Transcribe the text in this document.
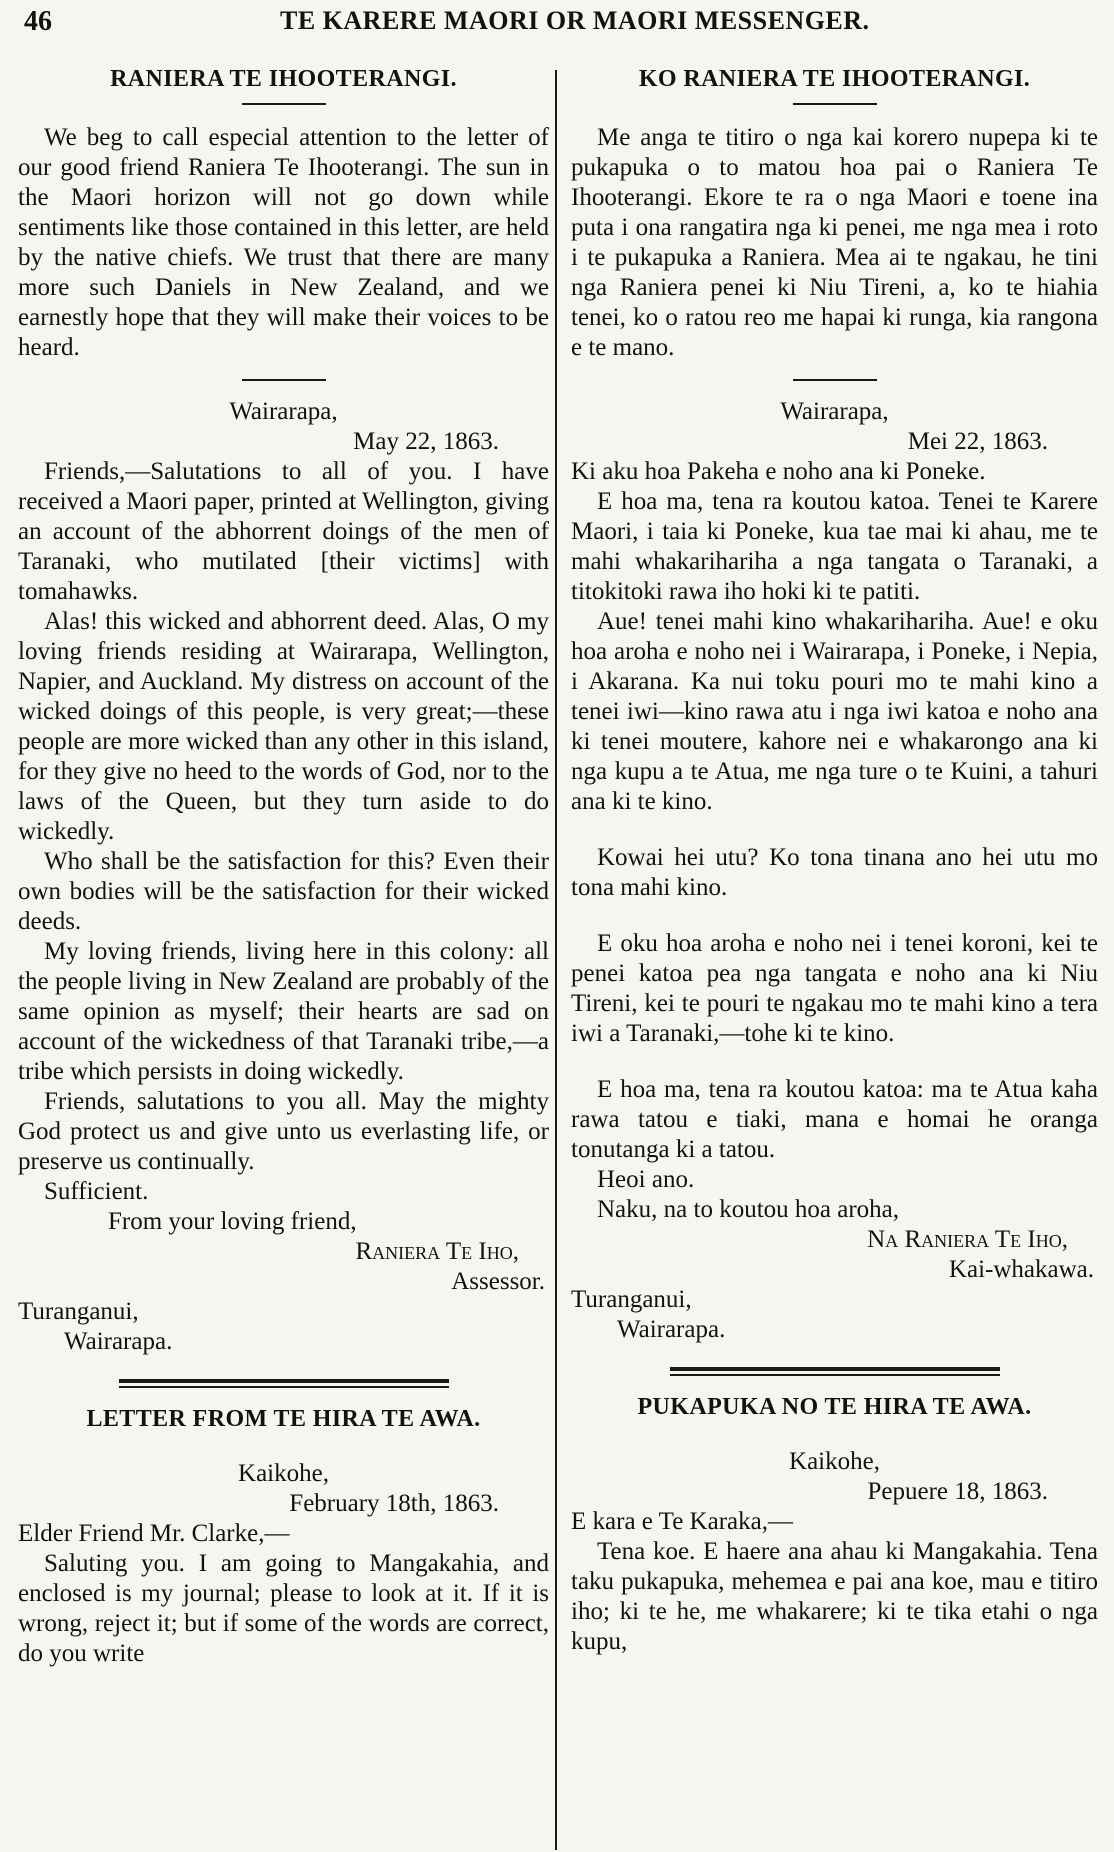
46	TE KARERE MAORI OR MAORI MESSENGER.
RANIERA TE IHOOTERANGI.

We beg to call especial attention to the letter of our good friend Raniera Te Ihooterangi. The sun in the Maori horizon will not go down while sentiments like those contained in this letter, are held by the native chiefs. We trust that there are many more such Daniels in New Zealand, and we earnestly hope that they will make their voices to be heard.

Wairarapa,

May 22, 1863.

Friends,—Salutations to all of you. I have received a Maori paper, printed at Wellington, giving an account of the abhorrent doings of the men of Taranaki, who mutilated [their victims] with tomahawks.

Alas! this wicked and abhorrent deed. Alas, O my loving friends residing at Wairarapa, Wellington, Napier, and Auckland. My distress on account of the wicked doings of this people, is very great;—these people are more wicked than any other in this island, for they give no heed to the words of God, nor to the laws of the Queen, but they turn aside to do wickedly.

Who shall be the satisfaction for this? Even their own bodies will be the satisfaction for their wicked deeds.

My loving friends, living here in this colony: all the people living in New Zealand are probably of the same opinion as myself; their hearts are sad on account of the wickedness of that Taranaki tribe,—a tribe which persists in doing wickedly.

Friends, salutations to you all. May the mighty God protect us and give unto us everlasting life, or preserve us continually.

Sufficient.

From your loving friend,

Raniera Te Iho,

Assessor.

Turanganui,

Wairarapa.

LETTER FROM TE HIRA TE AWA.

Kaikohe,

February 18th, 1863.

Elder Friend Mr. Clarke,—

Saluting you. I am going to Mangakahia, and enclosed is my journal; please to look at it. If it is wrong, reject it; but if some of the words are correct, do you write

KO RANIERA TE IHOOTERANGI.

Me anga te titiro o nga kai korero nupepa ki te pukapuka o to matou hoa pai o Raniera Te Ihooterangi. Ekore te ra o nga Maori e toene ina puta i ona rangatira nga ki penei, me nga mea i roto i te pukapuka a Raniera. Mea ai te ngakau, he tini nga Raniera penei ki Niu Tireni, a, ko te hiahia tenei, ko o ratou reo me hapai ki runga, kia rangona e te mano.

Wairarapa,

Mei 22, 1863.

Ki aku hoa Pakeha e noho ana ki Poneke.

E hoa ma, tena ra koutou katoa. Tenei te Karere Maori, i taia ki Poneke, kua tae mai ki ahau, me te mahi whakarihariha a nga tangata o Taranaki, a titokitoki rawa iho hoki ki te patiti.

Aue! tenei mahi kino whakarihariha. Aue! e oku hoa aroha e noho nei i Wairarapa, i Poneke, i Nepia, i Akarana. Ka nui toku pouri mo te mahi kino a tenei iwi—kino rawa atu i nga iwi katoa e noho ana ki tenei moutere, kahore nei e whakarongo ana ki nga kupu a te Atua, me nga ture o te Kuini, a tahuri ana ki te kino.

Kowai hei utu? Ko tona tinana ano hei utu mo tona mahi kino.

E oku hoa aroha e noho nei i tenei koroni, kei te penei katoa pea nga tangata e noho ana ki Niu Tireni, kei te pouri te ngakau mo te mahi kino a tera iwi a Taranaki,—tohe ki te kino.

E hoa ma, tena ra koutou katoa: ma te Atua kaha rawa tatou e tiaki, mana e homai he oranga tonutanga ki a tatou.

Heoi ano.

Naku, na to koutou hoa aroha,

Na Raniera Te Iho,

Kai-whakawa.

Turanganui,

Wairarapa.

PUKAPUKA NO TE HIRA TE AWA.

Kaikohe,

Pepuere 18, 1863.

E kara e Te Karaka,—

Tena koe. E haere ana ahau ki Mangakahia. Tena taku pukapuka, mehemea e pai ana koe, mau e titiro iho; ki te he, me whakarere; ki te tika etahi o nga kupu,
